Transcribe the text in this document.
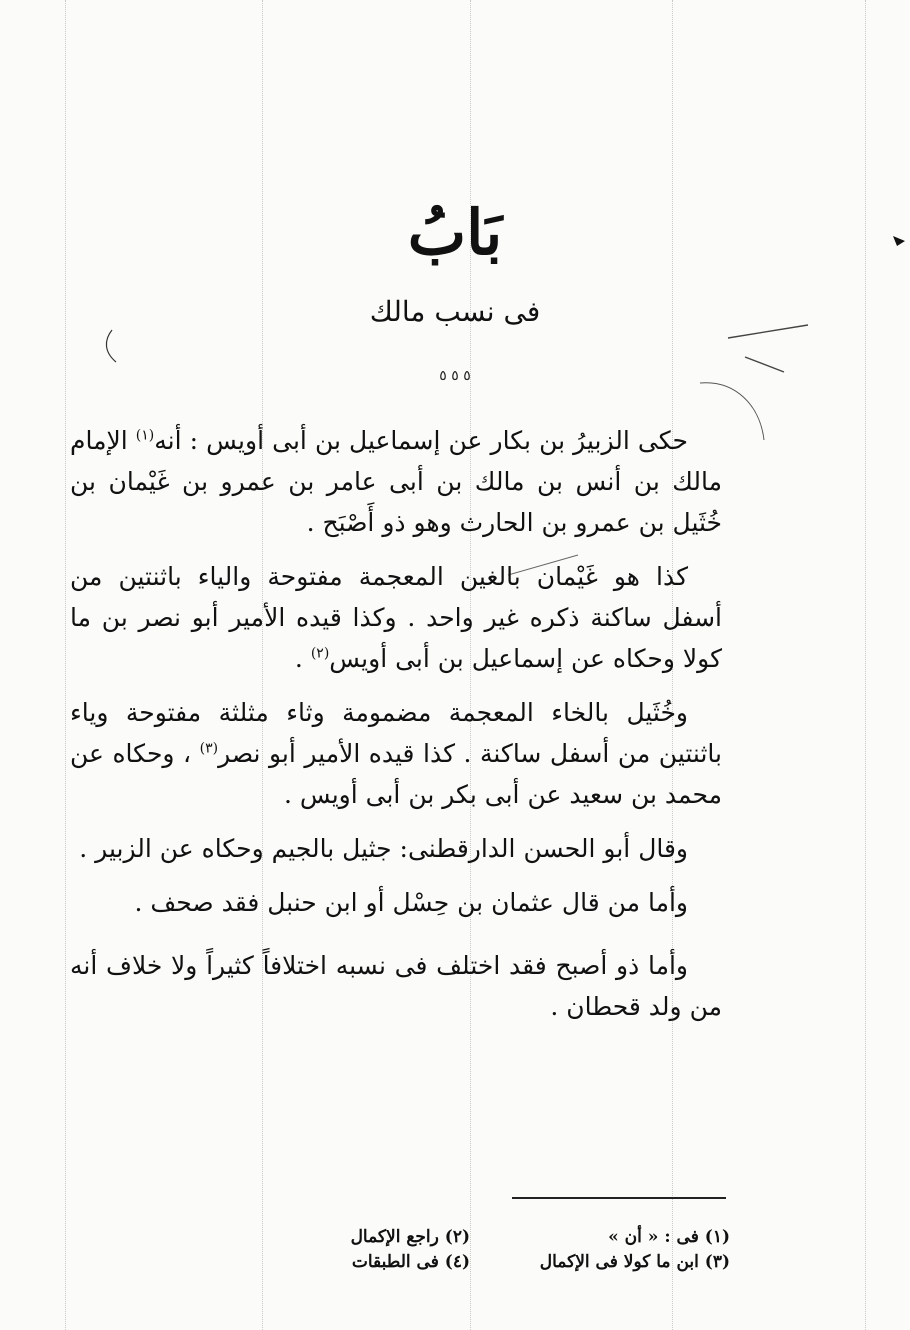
بَابُ
فى نسب مالك
٥ ٥ ٥

حكى الزبيرُ بن بكار عن إسماعيل بن أبى أويس : أنه$^{(١)}$ الإمام مالك بن أنس بن مالك بن أبى عامر بن عمرو بن غَيْمان بن خُثَيل بن عمرو بن الحارث وهو ذو أَصْبَح .

كذا هو غَيْمان بالغين المعجمة مفتوحة والياء باثنتين من أسفل ساكنة ذكره غير واحد . وكذا قيده الأمير أبو نصر بن ما كولا وحكاه عن إسماعيل بن أبى أويس$^{(٢)}$ .

وخُثَيل بالخاء المعجمة مضمومة وثاء مثلثة مفتوحة وياء باثنتين من أسفل ساكنة . كذا قيده الأمير أبو نصر$^{(٣)}$ ، وحكاه عن محمد بن سعيد عن أبى بكر بن أبى أويس .

وقال أبو الحسن الدارقطنى: جثيل بالجيم وحكاه عن الزبير .

وأما من قال عثمان بن حِسْل أو ابن حنبل فقد صحف .

وأما ذو أصبح فقد اختلف فى نسبه اختلافاً كثيراً ولا خلاف أنه من ولد قحطان .

(١) فى : « أن »
(٢) راجع الإكمال
(٣) ابن ما كولا فى الإكمال
(٤) فى الطبقات
